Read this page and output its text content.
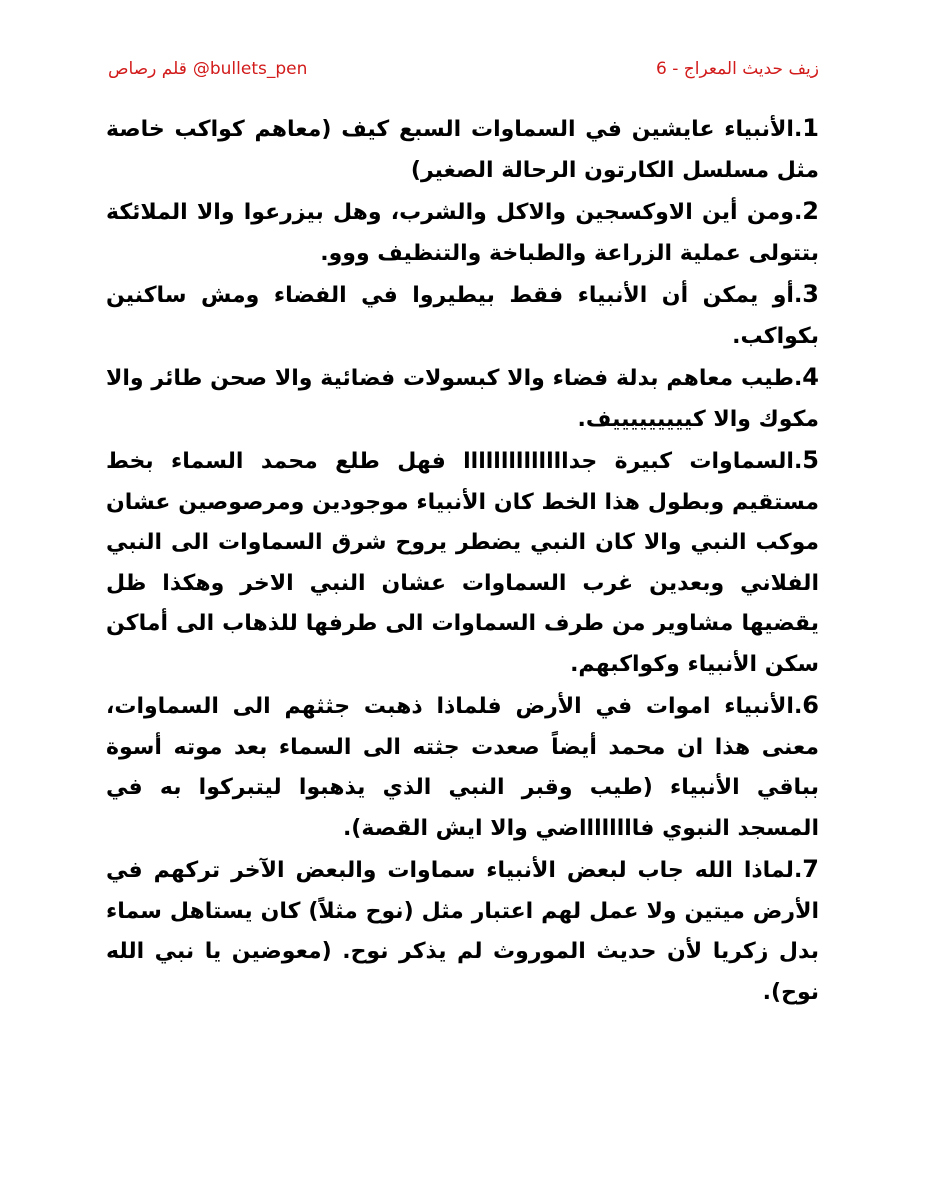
زيف حديث المعراج - 6
@bullets_pen
قلم رصاص

1.الأنبياء عايشين في السماوات السبع كيف (معاهم كواكب خاصة مثل مسلسل الكارتون الرحالة الصغير)

2.ومن أين الاوكسجين والاكل والشرب، وهل بيزرعوا والا الملائكة بتتولى عملية الزراعة والطباخة والتنظيف ووو.

3.أو يمكن أن الأنبياء فقط بيطيروا في الفضاء ومش ساكنين بكواكب.

4.طيب معاهم بدلة فضاء والا كبسولات فضائية والا صحن طائر والا مكوك والا كيييييييييف.

5.السماوات كبيرة جداااااااااااااا فهل طلع محمد السماء بخط مستقيم وبطول هذا الخط كان الأنبياء موجودين ومرصوصين عشان موكب النبي والا كان النبي يضطر يروح شرق السماوات الى النبي الفلاني وبعدين غرب السماوات عشان النبي الاخر وهكذا ظل يقضيها مشاوير من طرف السماوات الى طرفها للذهاب الى أماكن سكن الأنبياء وكواكبهم.

6.الأنبياء اموات في الأرض فلماذا ذهبت جثثهم الى السماوات، معنى هذا ان محمد أيضاً صعدت جثته الى السماء بعد موته أسوة بباقي الأنبياء (طيب وقبر النبي الذي يذهبوا ليتبركوا به في المسجد النبوي فااااااااضي والا ايش القصة).

7.لماذا الله جاب لبعض الأنبياء سماوات والبعض الآخر تركهم في الأرض ميتين ولا عمل لهم اعتبار مثل (نوح مثلاً) كان يستاهل سماء بدل زكريا لأن حديث الموروث لم يذكر نوح. (معوضين يا نبي الله نوح).
